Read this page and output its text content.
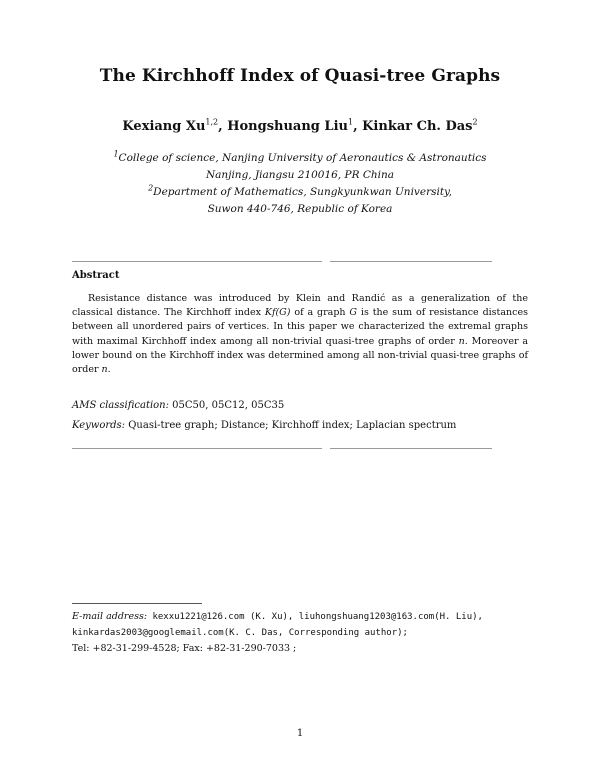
The Kirchhoff Index of Quasi-tree Graphs
Kexiang Xu$^{1,2}$, Hongshuang Liu$^1$, Kinkar Ch. Das$^2$
$^1$College of science, Nanjing University of Aeronautics & Astronautics
Nanjing, Jiangsu 210016, PR China
$^2$Department of Mathematics, Sungkyunkwan University,
Suwon 440-746, Republic of Korea
Abstract
Resistance distance was introduced by Klein and Randić as a generalization of the classical distance. The Kirchhoff index Kf(G) of a graph G is the sum of resistance distances between all unordered pairs of vertices. In this paper we characterized the extremal graphs with maximal Kirchhoff index among all non-trivial quasi-tree graphs of order n. Moreover a lower bound on the Kirchhoff index was determined among all non-trivial quasi-tree graphs of order n.
AMS classification: 05C50, 05C12, 05C35
Keywords: Quasi-tree graph; Distance; Kirchhoff index; Laplacian spectrum
E-mail address: kexxu1221@126.com (K. Xu), liuhongshuang1203@163.com(H. Liu),
kinkardas2003@googlemail.com(K. C. Das, Corresponding author);
Tel: +82-31-299-4528; Fax: +82-31-290-7033 ;
1
